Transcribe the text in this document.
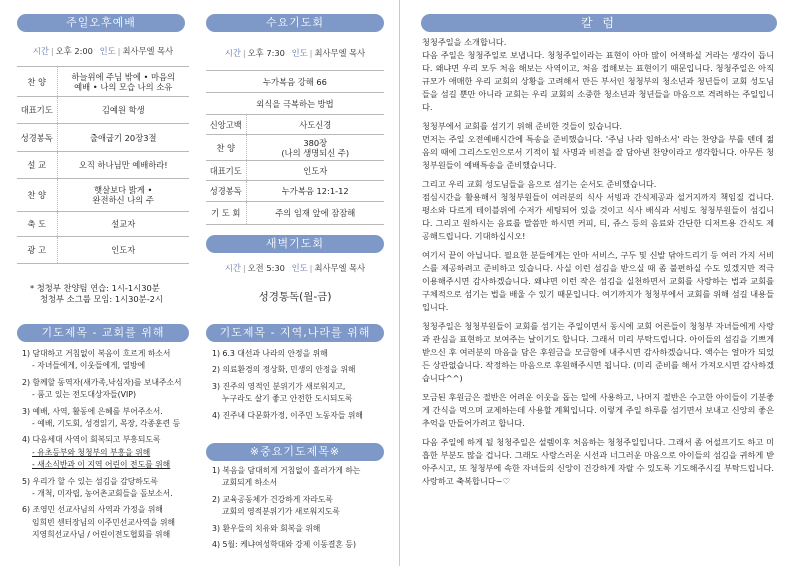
주일오후예배
시간 | 오후 2:00 인도 | 최사무엘 목사
찬 양	하늘위에 주님 밖에 • 마음의
예배 • 나의 모습 나의 소유
대표기도	김예원 학생
성경봉독	출애굽기 20장3절
설 교	오직 하나님만 예배하라!
찬 양	햇살보다 밝게 •
완전하신 나의 주
축 도	설교자
광 고	인도자
* 청청부 찬양팀 연습: 1시-1시30분
청청부 소그룹 모임: 1시30분-2시
수요기도회
시간 | 오후 7:30 인도 | 최사무엘 목사
누가복음 강해 66	
외식을 극복하는 방법	
신앙고백	사도신경
찬 양	380장
(나의 생명되신 주)
대표기도	인도자
성경봉독	누가복음 12:1-12
기 도 회	주의 임재 앞에 잠잠해
새벽기도회
시간 | 오전 5:30 인도 | 최사무엘 목사
성경통독(월-금)
기도제목 - 교회를 위해
1) 담대하고 거침없이 복음이 흐르게 하소서
- 자녀들에게, 이웃들에게, 열방에
2) 함께할 동역자(새가족,낙심자)를 보내주소서
- 품고 있는 전도대상자들(VIP)
3) 예배, 사역, 활동에 은혜를 부어주소서.
- 예배, 기도회, 성경읽기, 목장, 각종훈련 등
4) 다음세대 사역이 회복되고 부흥되도록
- 유초등부와 청청부의 부흥을 위해
- 새소식반과 이 지역 어린이 전도를 위해
5) 우리가 할 수 있는 섬김을 감당하도록
- 개척, 미자립, 농어촌교회들을 돌보소서.
6) 조영민 선교사님의 사역과 가정을 위해
임희빈 센터장님의 이주민선교사역을 위해
지영희선교사님 / 어린이전도협회를 위해
기도제목 - 지역,나라를 위해
1) 6.3 대선과 나라의 안정을 위해
2) 의료환경의 정상화, 민생의 안정을 위해
3) 진주의 영적인 분위기가 새로워지고,
누구라도 살기 좋고 안전한 도시되도록
4) 진주내 다문화가정, 이주민 노동자들 위해
※중요기도제목※
1) 복음을 담대히게 거침없이 흘러가게 하는
교회되게 하소서
2) 교육공동체가 건강하게 자라도록
교회의 영적분위기가 새로워지도록
3) 환우들의 치유와 회복을 위해
4) 5월: 케냐여성학대와 강제 이동결혼 등)
칼 럼

청청주일을 소개합니다.
다음 주일은 청청주일로 보냅니다. 청청주일이라는 표현이 아마 많이 어색하실 거라는 생각이 듭니다. 왜냐면 우리 모두 처음 해보는 사역이고, 처음 접해보는 표현이기 때문입니다. 청청주일은 아직 규모가 애매한 우리 교회의 상황을 고려해서 만든 부서인 청청부의 청소년과 청년들이 교회 성도님들을 섬길 뿐만 아니라 교회는 우리 교회의 소중한 청소년과 청년들을 마음으로 격려하는 주일입니다.

청청부에서 교회를 섬기기 위해 준비한 것들이 있습니다.
먼저는 주일 오전예배시간에 특송을 준비했습니다. '주님 나라 임하소서' 라는 찬양을 부를 텐데 젊음의 때에 그리스도인으로서 기적이 될 사명과 비전을 잘 담아낸 찬양이라고 생각합니다. 아무튼 청청부원들이 예배특송을 준비했습니다.

그리고 우리 교회 성도님들을 음으로 섬기는 순서도 준비했습니다.
점심시간을 활용해서 청청부원들이 여러분의 식사 서빙과 간식제공과 설거지까지 책임질 겁니다. 평소와 다르게 테이블위에 수저가 세팅되어 있을 것이고 식사 배식과 서빙도 청청부원들이 섬깁니다. 그리고 원하시는 음료를 말씀만 하시면 커피, 티, 쥬스 등의 음료와 간단한 디저트용 간식도 제공해드립니다. 기대하십시오!

여기서 끝이 아닙니다. 필요한 분들에게는 안마 서비스, 구두 및 신발 닦아드리기 등 여러 가지 서비스를 제공하려고 준비하고 있습니다. 사실 이런 섬김을 받으실 때 좀 불편하실 수도 있겠지만 적극 이용해주시면 감사하겠습니다. 왜냐면 이런 작은 섬김을 실천하면서 교회를 사랑하는 법과 교회를 구체적으로 섬기는 법을 배울 수 있기 때문입니다. 여기까지가 청청부에서 교회를 위해 섬길 내용들입니다.

청청주일은 청청부원들이 교회를 섬기는 주일이면서 동시에 교회 어른들이 청청부 자녀들에게 사랑과 관심을 표현하고 보여주는 날이기도 합니다. 그래서 미리 부탁드립니다. 아이들의 섬김을 기쁘게 받으신 후 여러분의 마음을 담은 후원금을 모금함에 내주시면 감사하겠습니다. 액수는 얼마가 되었든 상관없습니다. 작정하는 마음으로 후원해주시면 됩니다. (미리 준비를 해서 가져오시면 감사하겠습니다^^)

모금된 후원금은 절반은 어려운 이웃을 돕는 일에 사용하고, 나머지 절반은 수고한 아이들이 기분좋게 간식을 먹으며 교제하는데 사용할 계획입니다. 이렇게 주일 하루를 섬기면서 보내고 신앙의 좋은 추억을 만들어가려고 합니다.

다음 주일에 하게 될 청청주일은 설렘이후 처음하는 청청주일입니다. 그래서 좀 어설프기도 하고 미흡한 부분도 많을 겁니다. 그래도 사랑스러운 시선과 너그러운 마음으로 아이들의 섬김을 귀하게 받아주시고, 또 청청부에 속한 자녀들의 신앙이 건강하게 자랄 수 있도록 기도해주시길 부탁드립니다. 사랑하고 축복합니다~♡
